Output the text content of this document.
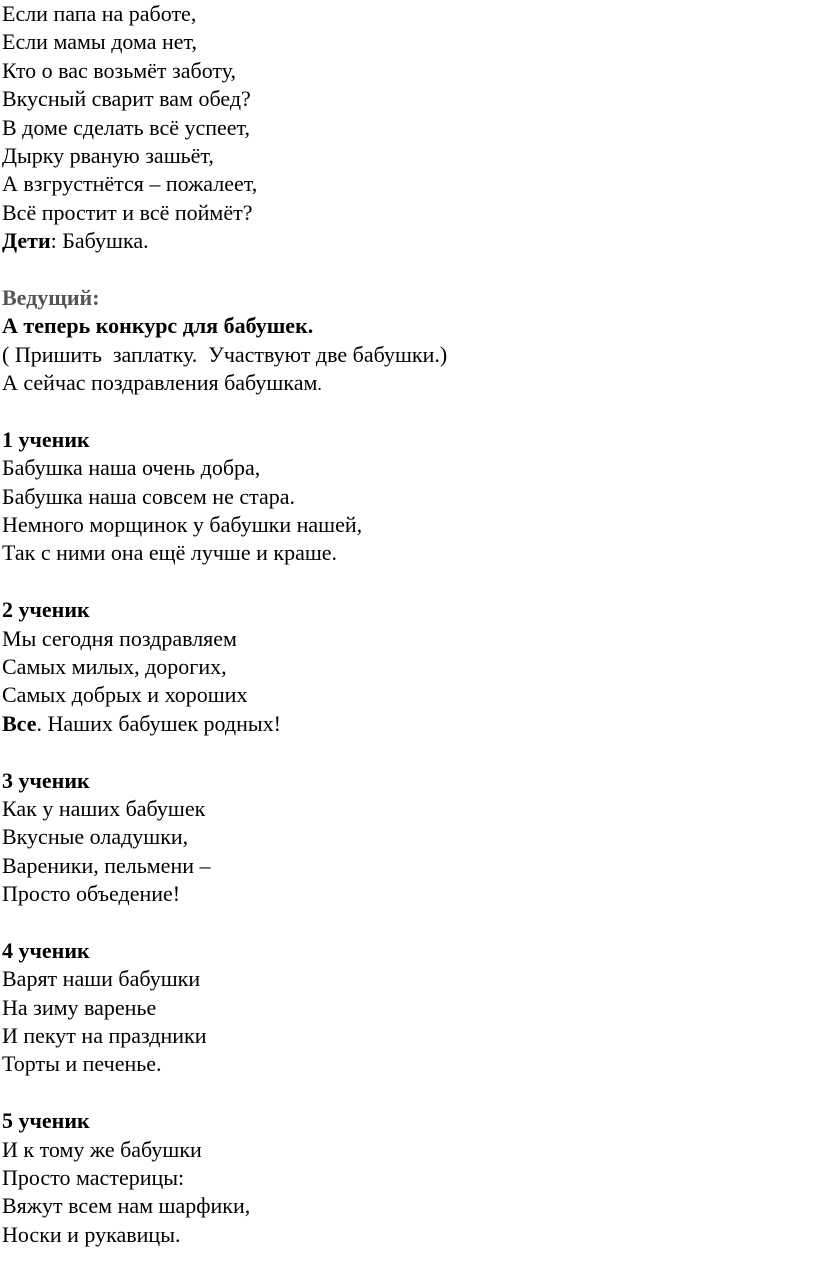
Если папа на работе,
Если мамы дома нет,
Кто о вас возьмёт заботу,
Вкусный сварит вам обед?
В доме сделать всё успеет,
Дырку рваную зашьёт,
А взгрустнётся – пожалеет,
Всё простит и всё поймёт?
Дети: Бабушка.
Ведущий:
А теперь конкурс для бабушек.
( Пришить  заплатку.  Участвуют две бабушки.)
А сейчас поздравления бабушкам.
1 ученик
Бабушка наша очень добра,
Бабушка наша совсем не стара.
Немного морщинок у бабушки нашей,
Так с ними она ещё лучше и краше.
2 ученик
Мы сегодня поздравляем
Самых милых, дорогих,
Самых добрых и хороших
Все. Наших бабушек родных!
3 ученик
Как у наших бабушек
Вкусные оладушки,
Вареники, пельмени –
Просто объедение!
4 ученик
Варят наши бабушки
На зиму варенье
И пекут на праздники
Торты и печенье.
5 ученик
И к тому же бабушки
Просто мастерицы:
Вяжут всем нам шарфики,
Носки и рукавицы.
